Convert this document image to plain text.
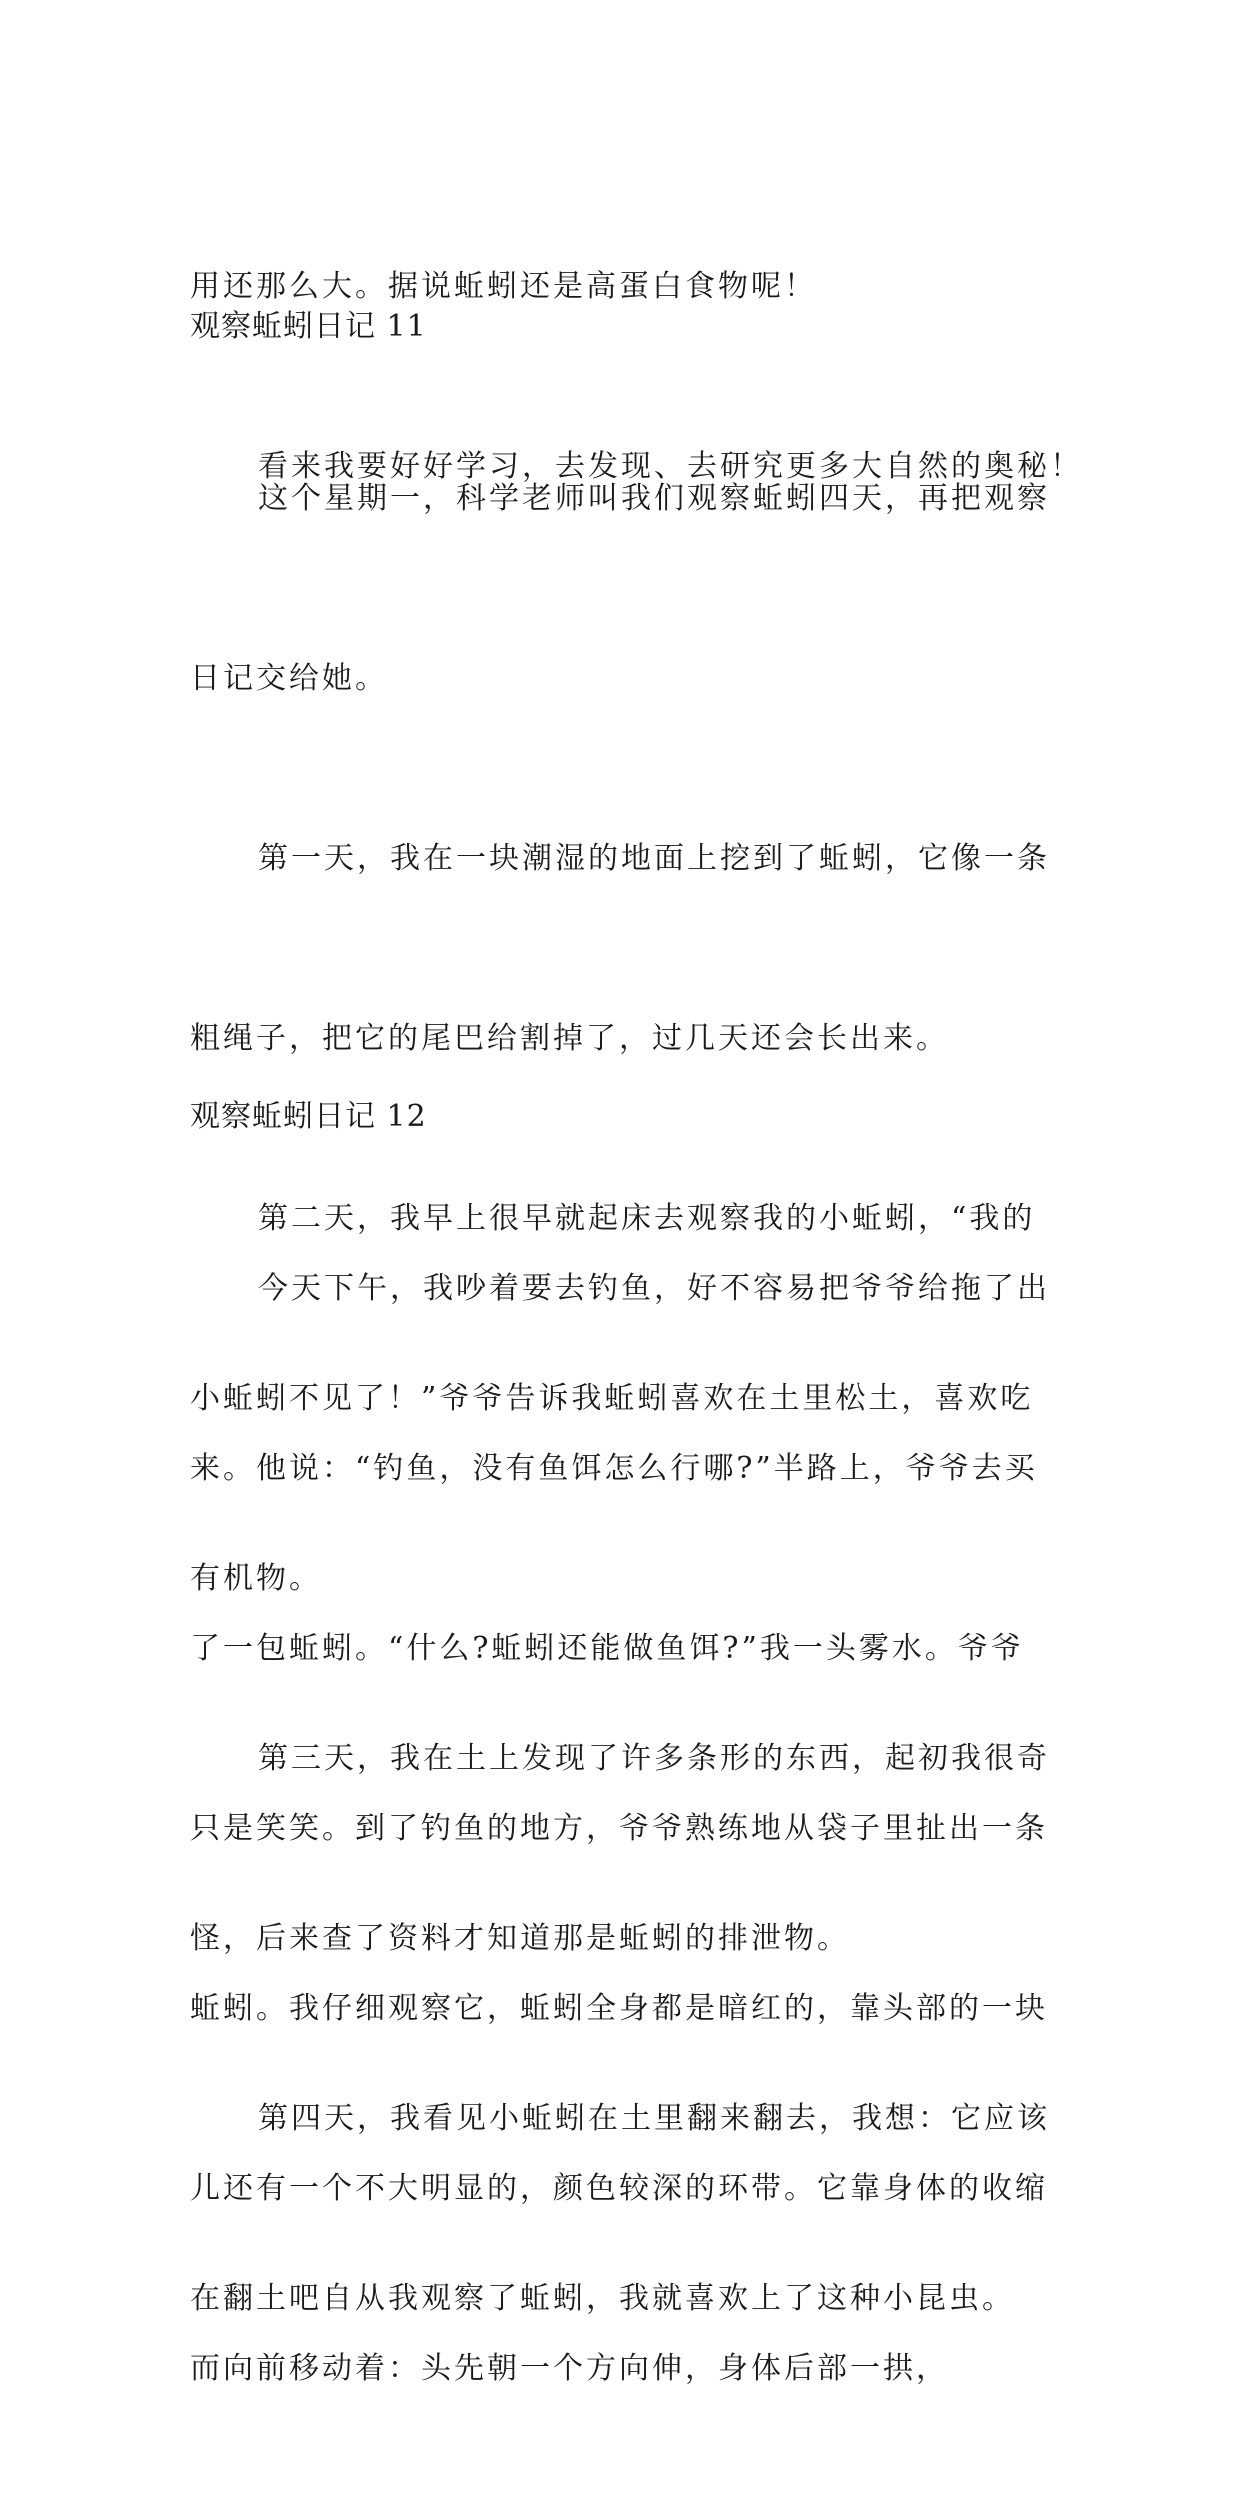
用还那么大。据说蚯蚓还是高蛋白食物呢！

看来我要好好学习，去发现、去研究更多大自然的奥秘！

观察蚯蚓日记 11

这个星期一，科学老师叫我们观察蚯蚓四天，再把观察

日记交给她。

第一天，我在一块潮湿的地面上挖到了蚯蚓，它像一条

粗绳子，把它的尾巴给割掉了，过几天还会长出来。

第二天，我早上很早就起床去观察我的小蚯蚓，“我的

小蚯蚓不见了！”爷爷告诉我蚯蚓喜欢在土里松土，喜欢吃

有机物。

第三天，我在土上发现了许多条形的东西，起初我很奇

怪，后来查了资料才知道那是蚯蚓的排泄物。

第四天，我看见小蚯蚓在土里翻来翻去，我想：它应该

在翻土吧自从我观察了蚯蚓，我就喜欢上了这种小昆虫。

观察蚯蚓日记 12

今天下午，我吵着要去钓鱼，好不容易把爷爷给拖了出

来。他说：“钓鱼，没有鱼饵怎么行哪?”半路上，爷爷去买

了一包蚯蚓。“什么?蚯蚓还能做鱼饵?”我一头雾水。爷爷

只是笑笑。到了钓鱼的地方，爷爷熟练地从袋子里扯出一条

蚯蚓。我仔细观察它，蚯蚓全身都是暗红的，靠头部的一块

儿还有一个不大明显的，颜色较深的环带。它靠身体的收缩

而向前移动着：头先朝一个方向伸，身体后部一拱，
